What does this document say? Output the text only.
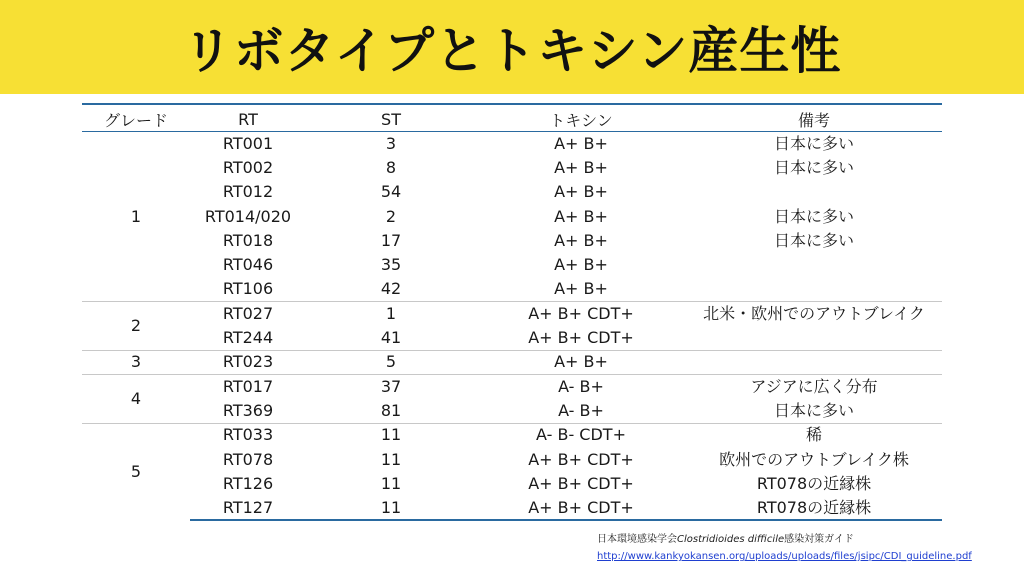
リボタイプとトキシン産生性
グレード	RT	ST	トキシン	備考
1	RT001	3	A+ B+	日本に多い
	RT002	8	A+ B+	日本に多い
	RT012	54	A+ B+	
	RT014/020	2	A+ B+	日本に多い
	RT018	17	A+ B+	日本に多い
	RT046	35	A+ B+	
	RT106	42	A+ B+	
2	RT027	1	A+ B+ CDT+	北米・欧州でのアウトブレイク
	RT244	41	A+ B+ CDT+	
3	RT023	5	A+ B+	
4	RT017	37	A- B+	アジアに広く分布
	RT369	81	A- B+	日本に多い
5	RT033	11	A- B- CDT+	稀
	RT078	11	A+ B+ CDT+	欧州でのアウトブレイク株
	RT126	11	A+ B+ CDT+	RT078の近縁株
	RT127	11	A+ B+ CDT+	RT078の近縁株
日本環境感染学会Clostridioides difficile感染対策ガイド
http://www.kankyokansen.org/uploads/uploads/files/jsipc/CDI_guideline.pdf
